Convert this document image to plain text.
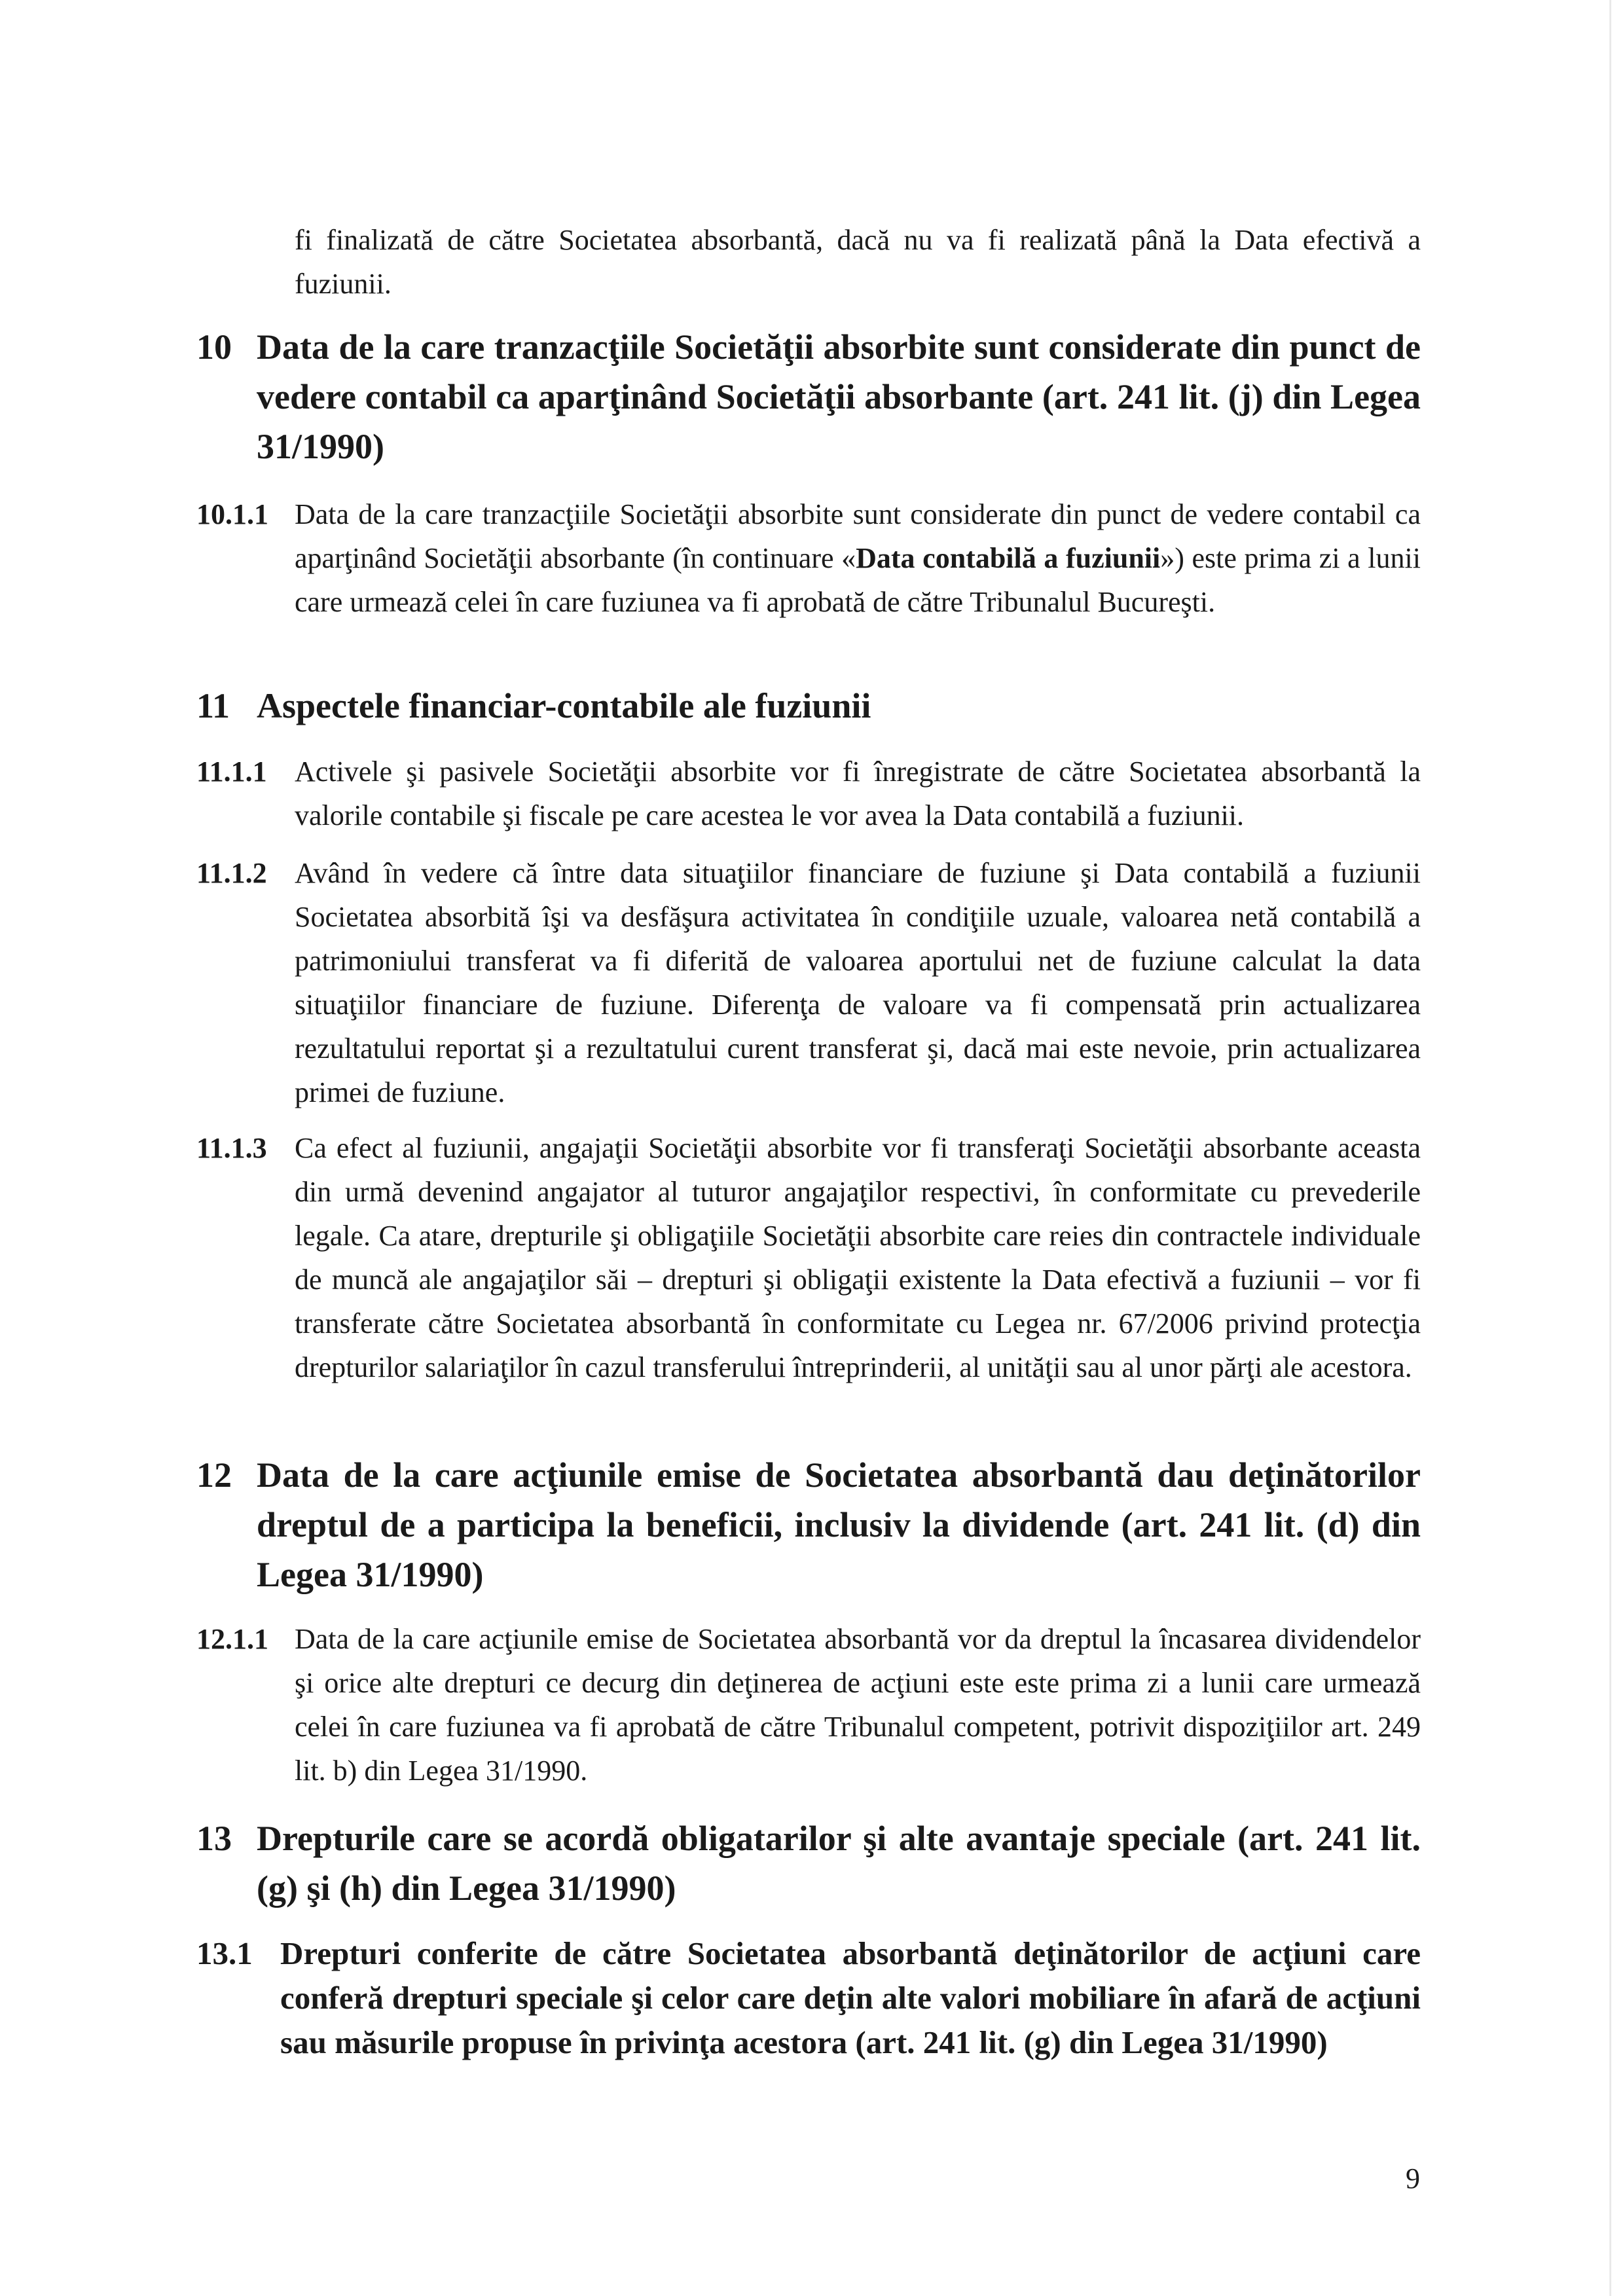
fi finalizată de către Societatea absorbantă, dacă nu va fi realizată până la Data efectivă a fuziunii.
10 Data de la care tranzacţiile Societăţii absorbite sunt considerate din punct de vedere contabil ca aparţinând Societăţii absorbante (art. 241 lit. (j) din Legea 31/1990)
10.1.1 Data de la care tranzacţiile Societăţii absorbite sunt considerate din punct de vedere contabil ca aparţinând Societăţii absorbante (în continuare «Data contabilă a fuziunii») este prima zi a lunii care urmează celei în care fuziunea va fi aprobată de către Tribunalul Bucureşti.
11 Aspectele financiar-contabile ale fuziunii
11.1.1 Activele şi pasivele Societăţii absorbite vor fi înregistrate de către Societatea absorbantă la valorile contabile şi fiscale pe care acestea le vor avea la Data contabilă a fuziunii.
11.1.2 Având în vedere că între data situaţiilor financiare de fuziune şi Data contabilă a fuziunii Societatea absorbită îşi va desfăşura activitatea în condiţiile uzuale, valoarea netă contabilă a patrimoniului transferat va fi diferită de valoarea aportului net de fuziune calculat la data situaţiilor financiare de fuziune. Diferenţa de valoare va fi compensată prin actualizarea rezultatului reportat şi a rezultatului curent transferat şi, dacă mai este nevoie, prin actualizarea primei de fuziune.
11.1.3 Ca efect al fuziunii, angajaţii Societăţii absorbite vor fi transferaţi Societăţii absorbante aceasta din urmă devenind angajator al tuturor angajaţilor respectivi, în conformitate cu prevederile legale. Ca atare, drepturile şi obligaţiile Societăţii absorbite care reies din contractele individuale de muncă ale angajaţilor săi – drepturi şi obligaţii existente la Data efectivă a fuziunii – vor fi transferate către Societatea absorbantă în conformitate cu Legea nr. 67/2006 privind protecţia drepturilor salariaţilor în cazul transferului întreprinderii, al unităţii sau al unor părţi ale acestora.
12 Data de la care acţiunile emise de Societatea absorbantă dau deţinătorilor dreptul de a participa la beneficii, inclusiv la dividende (art. 241 lit. (d) din Legea 31/1990)
12.1.1 Data de la care acţiunile emise de Societatea absorbantă vor da dreptul la încasarea dividendelor şi orice alte drepturi ce decurg din deţinerea de acţiuni este este prima zi a lunii care urmează celei în care fuziunea va fi aprobată de către Tribunalul competent, potrivit dispoziţiilor art. 249 lit. b) din Legea 31/1990.
13 Drepturile care se acordă obligatarilor şi alte avantaje speciale (art. 241 lit. (g) şi (h) din Legea 31/1990)
13.1 Drepturi conferite de către Societatea absorbantă deţinătorilor de acţiuni care conferă drepturi speciale şi celor care deţin alte valori mobiliare în afară de acţiuni sau măsurile propuse în privinţa acestora (art. 241 lit. (g) din Legea 31/1990)
9
